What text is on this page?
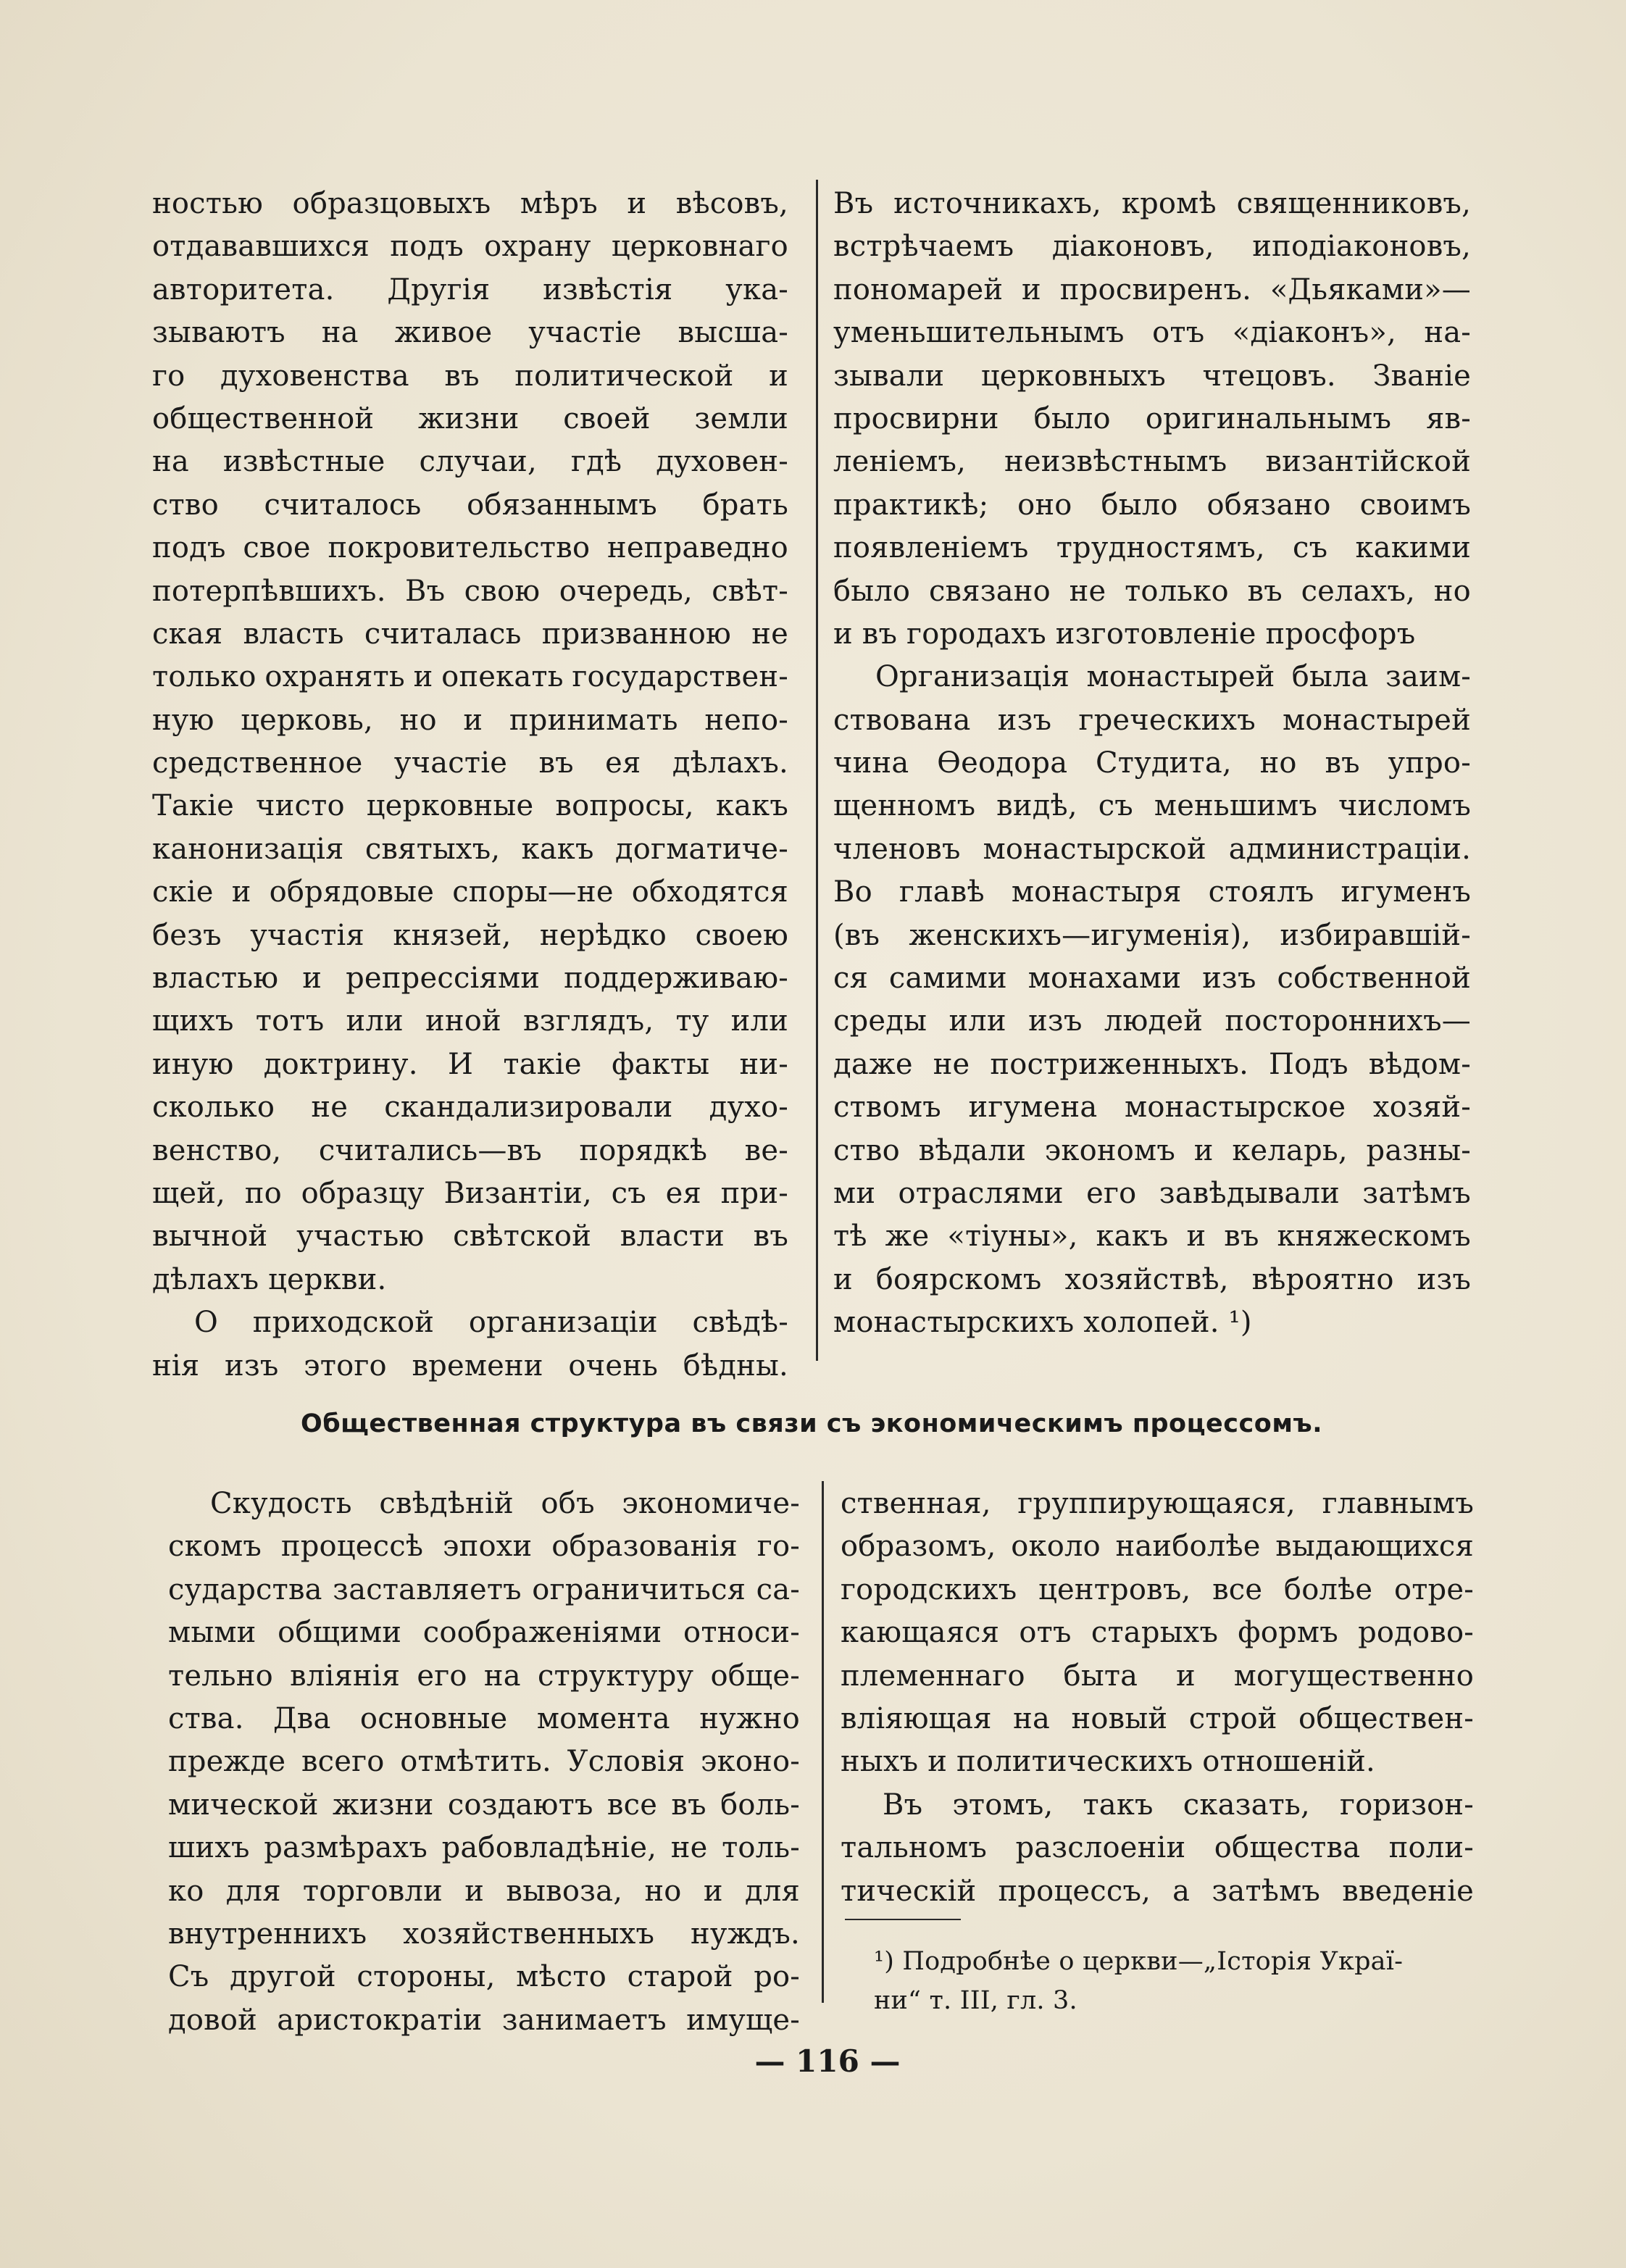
ностью образцовыхъ мѣръ и вѣсовъ,
отдававшихся подъ охрану церковнаго
авторитета. Другія извѣстія ука-
зываютъ на живое участіе высша-
го духовенства въ политической и
общественной жизни своей земли
на извѣстные случаи, гдѣ духовен-
ство считалось обязаннымъ брать
подъ свое покровительство неправедно
потерпѣвшихъ. Въ свою очередь, свѣт-
ская власть считалась призванною не
только охранять и опекать государствен-
ную церковь, но и принимать непо-
средственное участіе въ ея дѣлахъ.
Такіе чисто церковные вопросы, какъ
канонизація святыхъ, какъ догматиче-
скіе и обрядовые споры—не обходятся
безъ участія князей, нерѣдко своею
властью и репрессіями поддерживаю-
щихъ тотъ или иной взглядъ, ту или
иную доктрину. И такіе факты ни-
сколько не скандализировали духо-
венство, считались—въ порядкѣ ве-
щей, по образцу Византіи, съ ея при-
вычной участью свѣтской власти въ
дѣлахъ церкви.
О приходской организаціи свѣдѣ-
нія изъ этого времени очень бѣдны.
Въ источникахъ, кромѣ священниковъ,
встрѣчаемъ діаконовъ, иподіаконовъ,
пономарей и просвиренъ. «Дьяками»—
уменьшительнымъ отъ «діаконъ», на-
зывали церковныхъ чтецовъ. Званіе
просвирни было оригинальнымъ яв-
леніемъ, неизвѣстнымъ византійской
практикѣ; оно было обязано своимъ
появленіемъ трудностямъ, съ какими
было связано не только въ селахъ, но
и въ городахъ изготовленіе просфоръ
Организація монастырей была заим-
ствована изъ греческихъ монастырей
чина Өеодора Студита, но въ упро-
щенномъ видѣ, съ меньшимъ числомъ
членовъ монастырской администраціи.
Во главѣ монастыря стоялъ игуменъ
(въ женскихъ—игуменія), избиравшій-
ся самими монахами изъ собственной
среды или изъ людей постороннихъ—
даже не постриженныхъ. Подъ вѣдом-
ствомъ игумена монастырское хозяй-
ство вѣдали экономъ и келарь, разны-
ми отраслями его завѣдывали затѣмъ
тѣ же «тіуны», какъ и въ княжескомъ
и боярскомъ хозяйствѣ, вѣроятно изъ
монастырскихъ холопей. ¹)
Общественная структура въ связи съ экономическимъ процессомъ.
Скудость свѣдѣній объ экономиче-
скомъ процессѣ эпохи образованія го-
сударства заставляетъ ограничиться са-
мыми общими соображеніями относи-
тельно вліянія его на структуру обще-
ства. Два основные момента нужно
прежде всего отмѣтить. Условія эконо-
мической жизни создаютъ все въ боль-
шихъ размѣрахъ рабовладѣніе, не толь-
ко для торговли и вывоза, но и для
внутреннихъ хозяйственныхъ нуждъ.
Съ другой стороны, мѣсто старой ро-
довой аристократіи занимаетъ имуще-
ственная, группирующаяся, главнымъ
образомъ, около наиболѣе выдающихся
городскихъ центровъ, все болѣе отре-
кающаяся отъ старыхъ формъ родово-
племеннаго быта и могущественно
вліяющая на новый строй обществен-
ныхъ и политическихъ отношеній.
Въ этомъ, такъ сказать, горизон-
тальномъ разслоеніи общества поли-
тическій процессъ, а затѣмъ введеніе
¹) Подробнѣе о церкви—„Історія Украї-
ни“ т. III, гл. 3.
— 116 —
